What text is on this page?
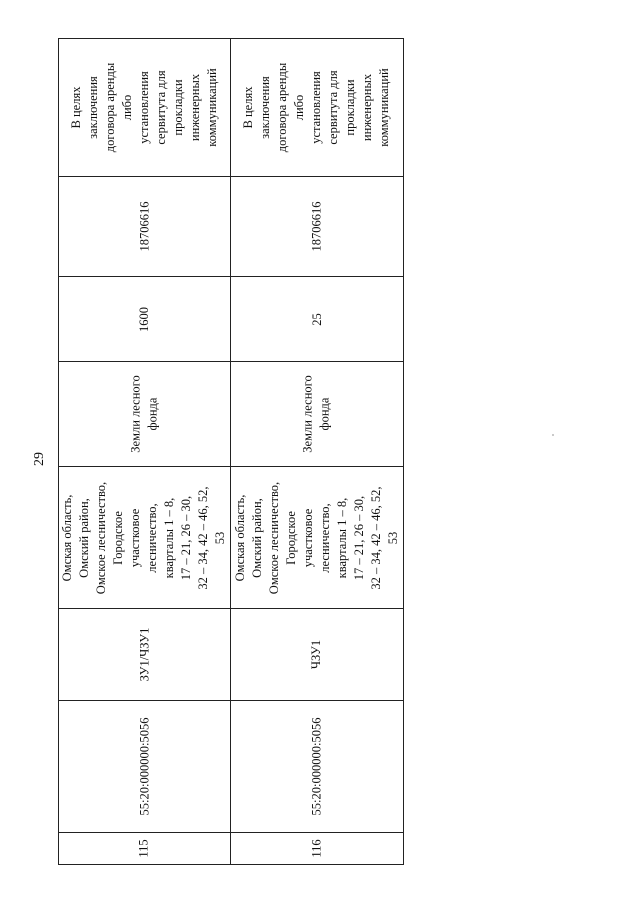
29
В целях заключения договора аренды либо установления сервитута для прокладки инженерных коммуникаций
18706616
1600
Земли лесного фонда
Омская область, Омский район, Омское лесничество, Городское участковое лесничество, кварталы 1 – 8, 17 – 21, 26 – 30, 32 – 34, 42 – 46, 52, 53
ЗУ1/ЧЗУ1
55:20:000000:5056
115
В целях заключения договора аренды либо установления сервитута для прокладки инженерных коммуникаций
18706616
25
Земли лесного фонда
Омская область, Омский район, Омское лесничество, Городское участковое лесничество, кварталы 1 – 8, 17 – 21, 26 – 30, 32 – 34, 42 – 46, 52, 53
ЧЗУ1
55:20:000000:5056
116
